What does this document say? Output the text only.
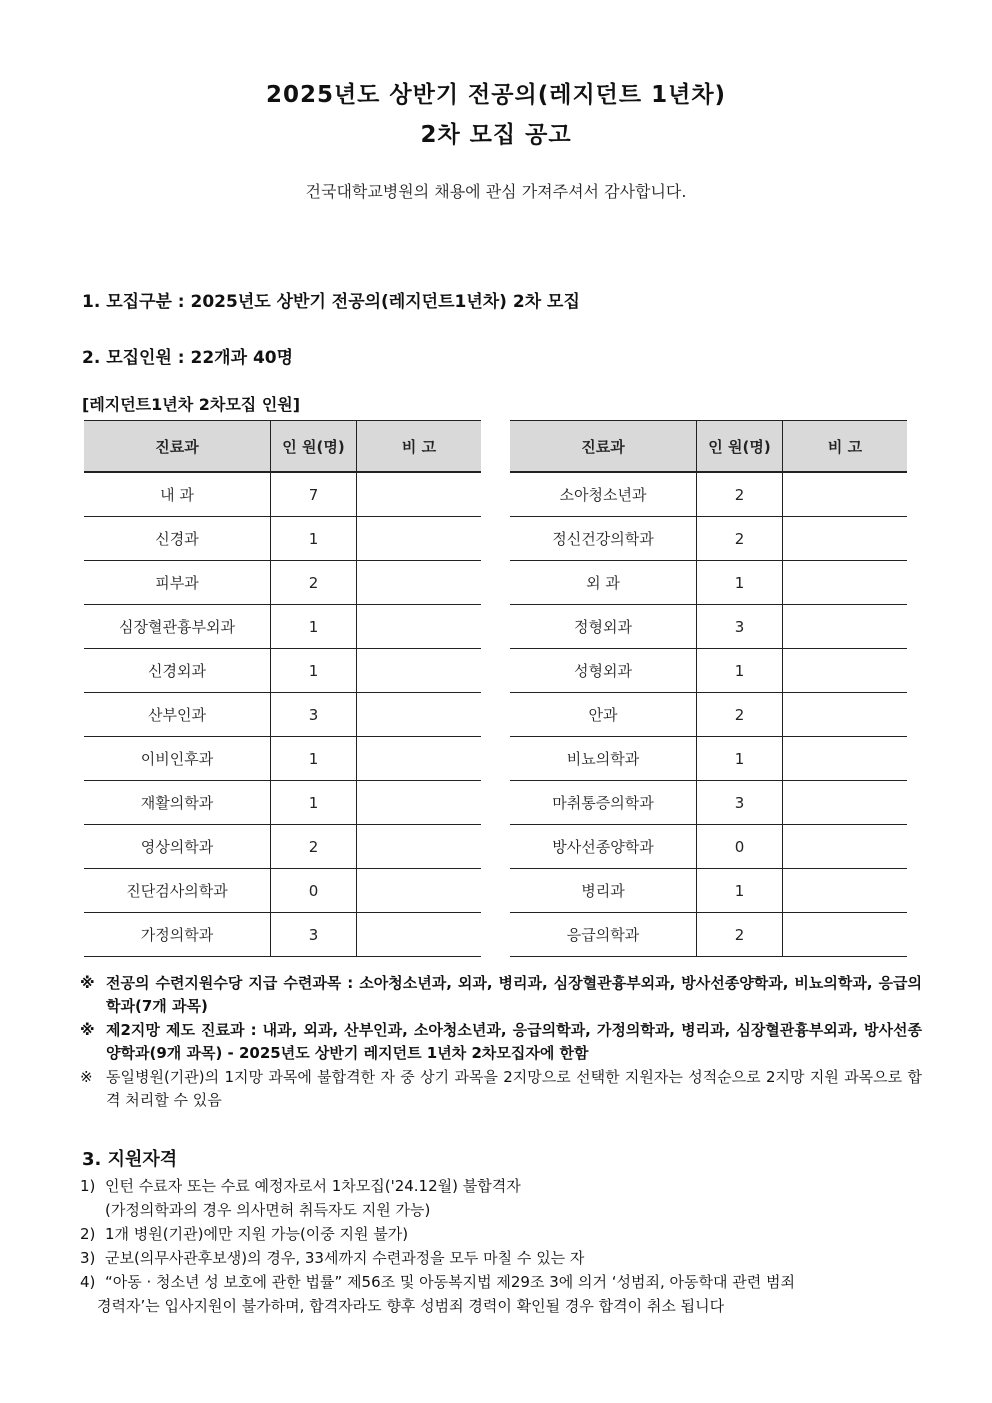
2025년도 상반기 전공의(레지던트 1년차)
2차 모집 공고
건국대학교병원의 채용에 관심 가져주셔서 감사합니다.
1. 모집구분 : 2025년도 상반기 전공의(레지던트1년차) 2차 모집
2. 모집인원 : 22개과 40명
[레지던트1년차 2차모집 인원]
진료과	인 원(명)	비 고
내 과	7	
신경과	1	
피부과	2	
심장혈관흉부외과	1	
신경외과	1	
산부인과	3	
이비인후과	1	
재활의학과	1	
영상의학과	2	
진단검사의학과	0	
가정의학과	3	
진료과	인 원(명)	비 고
소아청소년과	2	
정신건강의학과	2	
외 과	1	
정형외과	3	
성형외과	1	
안과	2	
비뇨의학과	1	
마취통증의학과	3	
방사선종양학과	0	
병리과	1	
응급의학과	2	
※ 전공의 수련지원수당 지급 수련과목 : 소아청소년과, 외과, 병리과, 심장혈관흉부외과, 방사선종양학과, 비뇨의학과, 응급의학과(7개 과목)
※ 제2지망 제도 진료과 : 내과, 외과, 산부인과, 소아청소년과, 응급의학과, 가정의학과, 병리과, 심장혈관흉부외과, 방사선종양학과(9개 과목) - 2025년도 상반기 레지던트 1년차 2차모집자에 한함
※ 동일병원(기관)의 1지망 과목에 불합격한 자 중 상기 과목을 2지망으로 선택한 지원자는 성적순으로 2지망 지원 과목으로 합격 처리할 수 있음
3. 지원자격
1) 인턴 수료자 또는 수료 예정자로서 1차모집('24.12월) 불합격자
(가정의학과의 경우 의사면허 취득자도 지원 가능)
2) 1개 병원(기관)에만 지원 가능(이중 지원 불가)
3) 군보(의무사관후보생)의 경우, 33세까지 수련과정을 모두 마칠 수 있는 자
4) “아동 · 청소년 성 보호에 관한 법률” 제56조 및 아동복지법 제29조 3에 의거 ‘성범죄, 아동학대 관련 범죄
경력자’는 입사지원이 불가하며, 합격자라도 향후 성범죄 경력이 확인될 경우 합격이 취소 됩니다
